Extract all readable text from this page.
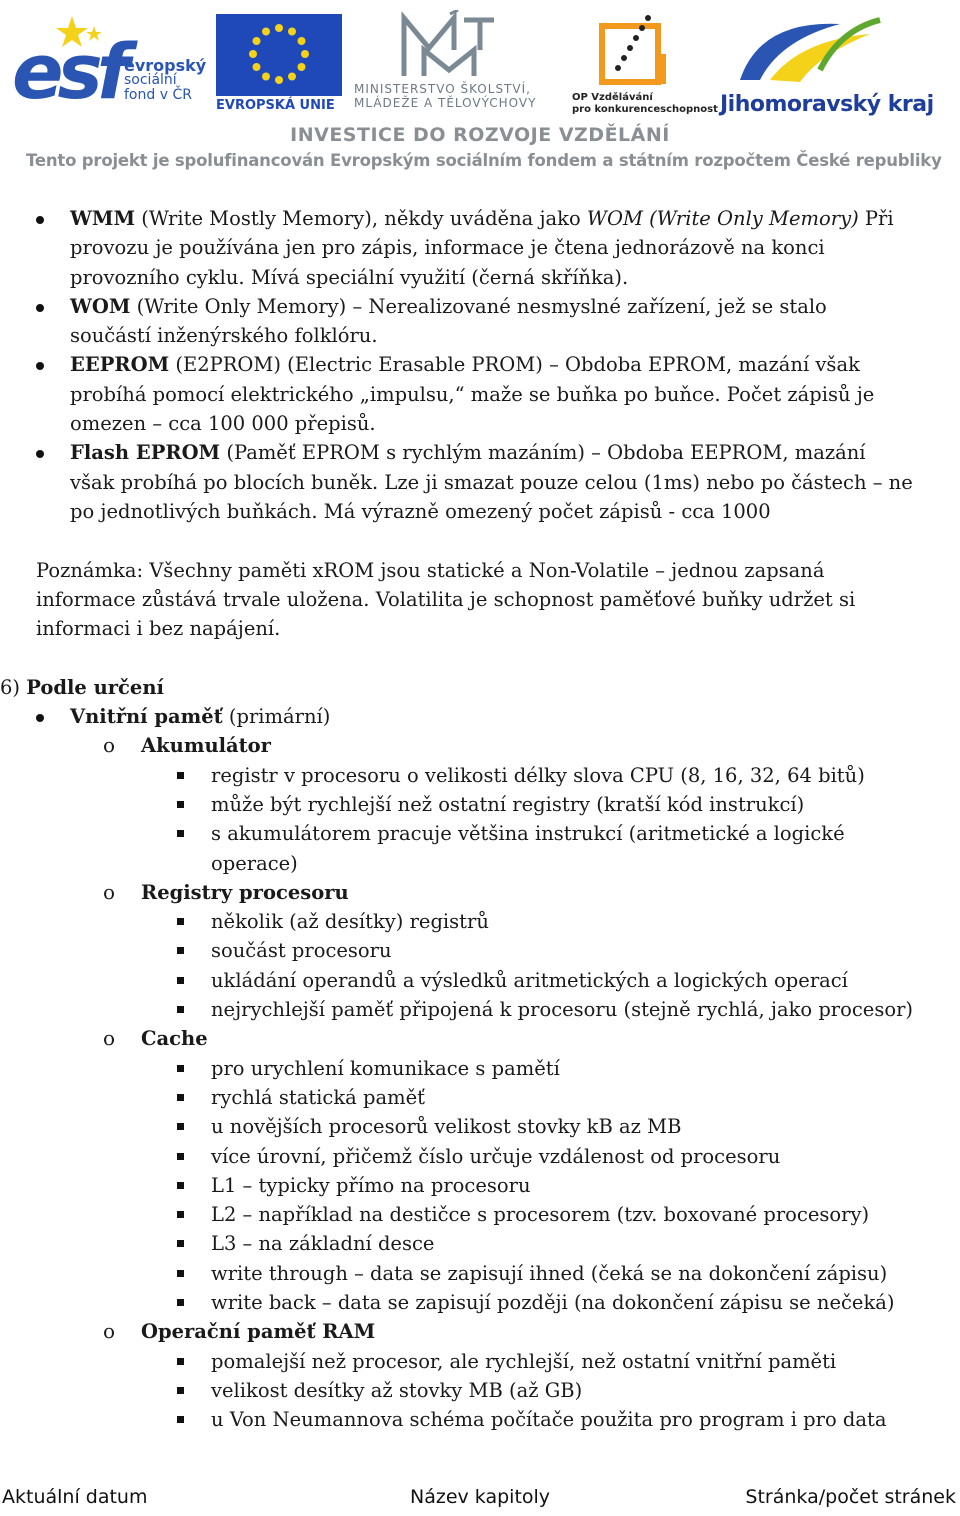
esf evropský
sociální
fond v ČR
EVROPSKÁ UNIE
MINISTERSTVO ŠKOLSTVÍ,
MLÁDEŽE A TĚLOVÝCHOVY	OP Vzdělávání
pro konkurenceschopnost Jihomoravský kraj
INVESTICE DO ROZVOJE VZDĚLÁNÍ
Tento projekt je spolufinancován Evropským sociálním fondem a státním rozpočtem České republiky
WMM (Write Mostly Memory), někdy uváděna jako WOM (Write Only Memory) Při
provozu je používána jen pro zápis, informace je čtena jednorázově na konci
provozního cyklu. Mívá speciální využití (černá skříňka).
WOM (Write Only Memory) – Nerealizované nesmyslné zařízení, jež se stalo
součástí inženýrského folklóru.
EEPROM (E2PROM) (Electric Erasable PROM) – Obdoba EPROM, mazání však
probíhá pomocí elektrického „impulsu,“ maže se buňka po buňce. Počet zápisů je
omezen – cca 100 000 přepisů.
Flash EPROM (Paměť EPROM s rychlým mazáním) – Obdoba EEPROM, mazání
však probíhá po blocích buněk. Lze ji smazat pouze celou (1ms) nebo po částech – ne
po jednotlivých buňkách. Má výrazně omezený počet zápisů - cca 1000
Poznámka: Všechny paměti xROM jsou statické a Non-Volatile – jednou zapsaná
informace zůstává trvale uložena. Volatilita je schopnost paměťové buňky udržet si
informaci i bez napájení.
6) Podle určení
Vnitřní paměť (primární)
o Akumulátor
registr v procesoru o velikosti délky slova CPU (8, 16, 32, 64 bitů)
může být rychlejší než ostatní registry (kratší kód instrukcí)
s akumulátorem pracuje většina instrukcí (aritmetické a logické
operace)
o Registry procesoru
několik (až desítky) registrů
součást procesoru
ukládání operandů a výsledků aritmetických a logických operací
nejrychlejší paměť připojená k procesoru (stejně rychlá, jako procesor)
o Cache
pro urychlení komunikace s pamětí
rychlá statická paměť
u novějších procesorů velikost stovky kB az MB
více úrovní, přičemž číslo určuje vzdálenost od procesoru
L1 – typicky přímo na procesoru
L2 – například na destičce s procesorem (tzv. boxované procesory)
L3 – na základní desce
write through – data se zapisují ihned (čeká se na dokončení zápisu)
write back – data se zapisují později (na dokončení zápisu se nečeká)
o Operační paměť RAM
pomalejší než procesor, ale rychlejší, než ostatní vnitřní paměti
velikost desítky až stovky MB (až GB)
u Von Neumannova schéma počítače použita pro program i pro data
Aktuální datum	Název kapitoly	Stránka/počet stránek
